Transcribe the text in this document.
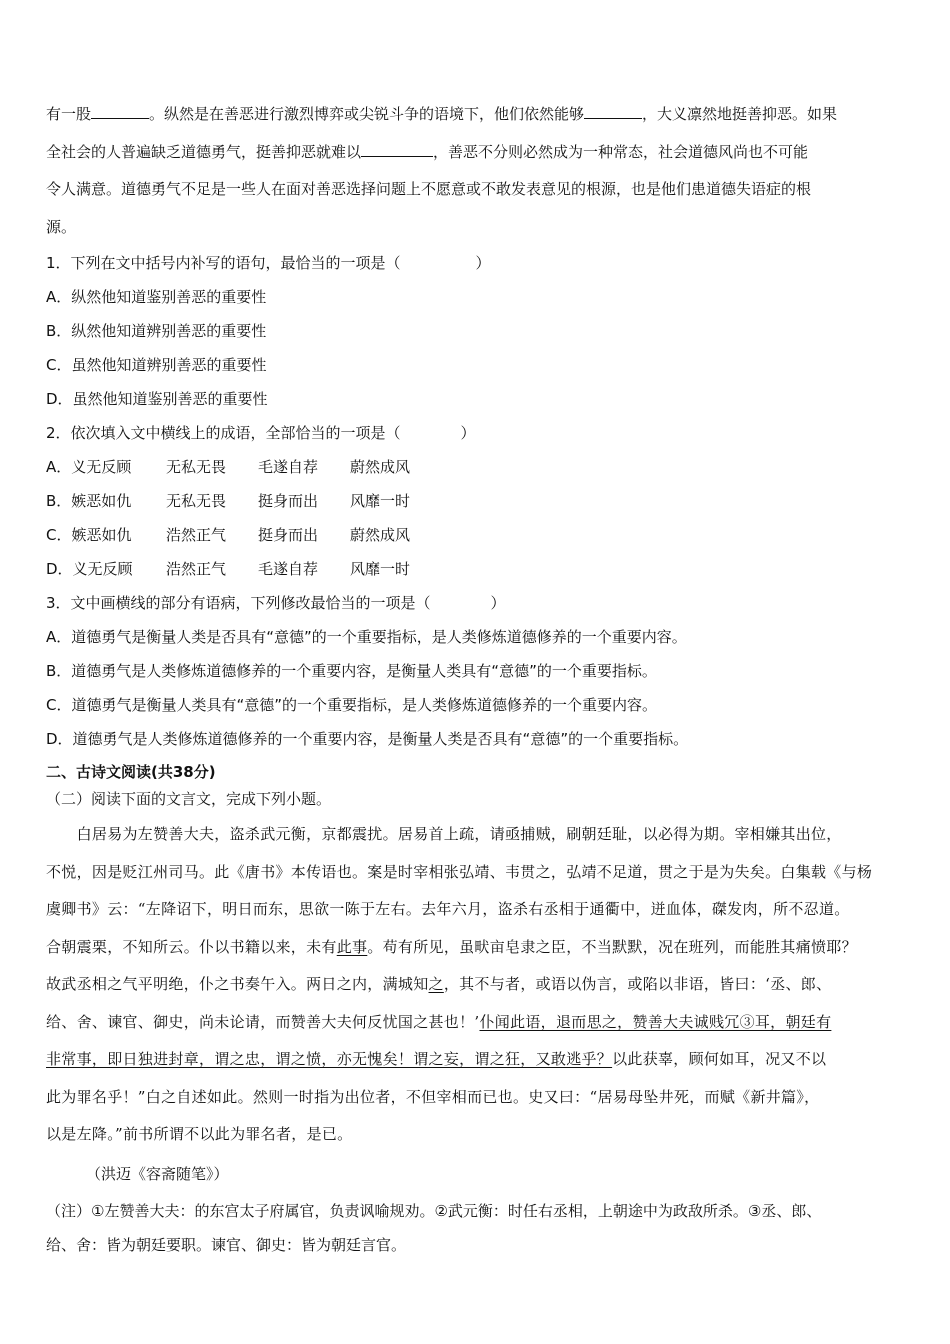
有一股	。纵然是在善恶进行激烈博弈或尖锐斗争的语境下，他们依然能够	，大义凛然地挺善抑恶。如果
全社会的人普遍缺乏道德勇气，挺善抑恶就难以	，善恶不分则必然成为一种常态，社会道德风尚也不可能
令人满意。道德勇气不足是一些人在面对善恶选择问题上不愿意或不敢发表意见的根源，也是他们患道德失语症的根
源。
1．下列在文中括号内补写的语句，最恰当的一项是（　　　　　）
A．纵然他知道鉴别善恶的重要性
B．纵然他知道辨别善恶的重要性
C．虽然他知道辨别善恶的重要性
D．虽然他知道鉴别善恶的重要性
2．依次填入文中横线上的成语，全部恰当的一项是（　　　　）
A．义无反顾 无私无畏 毛遂自荐 蔚然成风
B．嫉恶如仇 无私无畏 挺身而出 风靡一时
C．嫉恶如仇 浩然正气 挺身而出 蔚然成风
D．义无反顾 浩然正气 毛遂自荐 风靡一时
3．文中画横线的部分有语病，下列修改最恰当的一项是（　　　　）
A．道德勇气是衡量人类是否具有“意德”的一个重要指标，是人类修炼道德修养的一个重要内容。
B．道德勇气是人类修炼道德修养的一个重要内容，是衡量人类具有“意德”的一个重要指标。
C．道德勇气是衡量人类具有“意德”的一个重要指标，是人类修炼道德修养的一个重要内容。
D．道德勇气是人类修炼道德修养的一个重要内容，是衡量人类是否具有“意德”的一个重要指标。
二、古诗文阅读(共38分)
（二）阅读下面的文言文，完成下列小题。
　　白居易为左赞善大夫，盗杀武元衡，京都震扰。居易首上疏，请亟捕贼，刷朝廷耻，以必得为期。宰相嫌其出位，
不悦，因是贬江州司马。此《唐书》本传语也。案是时宰相张弘靖、韦贯之，弘靖不足道，贯之于是为失矣。白集载《与杨
虞卿书》云：“左降诏下，明日而东，思欲一陈于左右。去年六月，盗杀右丞相于通衢中，迸血体，磔发肉，所不忍道。
合朝震栗，不知所云。仆以书籍以来，未有此事。苟有所见，虽畎亩皂隶之臣，不当默默，况在班列，而能胜其痛愤耶？
故武丞相之气平明绝，仆之书奏午入。两日之内，满城知之，其不与者，或语以伪言，或陷以非语，皆曰：‘丞、郎、
给、舍、谏官、御史，尚未论请，而赞善大夫何反忧国之甚也！’仆闻此语，退而思之，赞善大夫诚贱冗③耳，朝廷有
非常事，即日独进封章，谓之忠，谓之愤，亦无愧矣！谓之妄，谓之狂，又敢逃乎？以此获辜，顾何如耳，况又不以
此为罪名乎！”白之自述如此。然则一时指为出位者，不但宰相而已也。史又曰：“居易母坠井死，而赋《新井篇》，
以是左降。”前书所谓不以此为罪名者，是已。
（洪迈《容斋随笔》）
（注）①左赞善大夫：的东宫太子府属官，负责讽喻规劝。②武元衡：时任右丞相，上朝途中为政敌所杀。③丞、郎、
给、舍：皆为朝廷要职。谏官、御史：皆为朝廷言官。
